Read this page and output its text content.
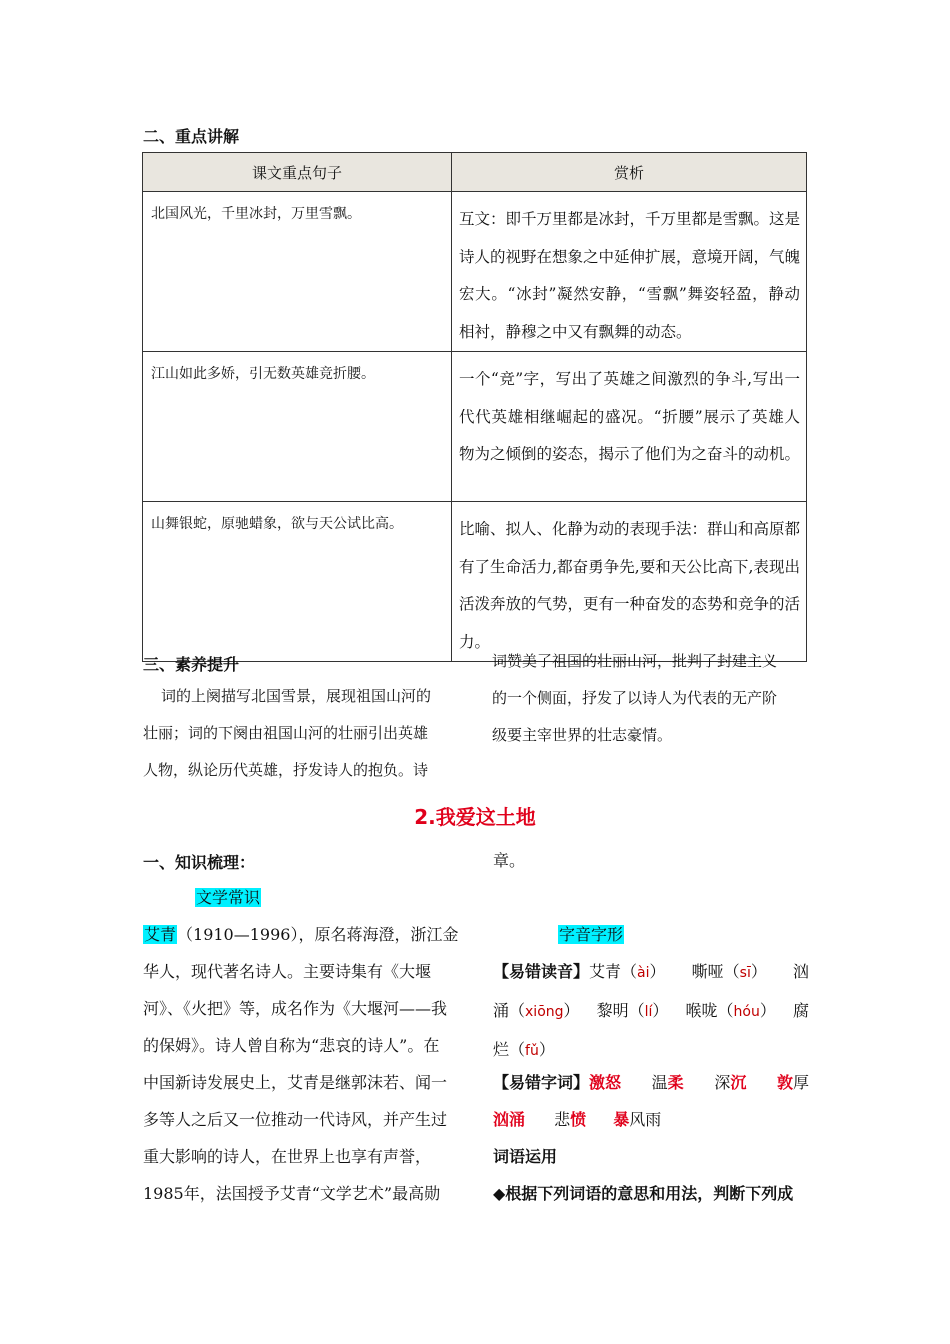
二、重点讲解
课文重点句子	赏析
北国风光，千里冰封，万里雪飘。	互文：即千万里都是冰封，千万里都是雪飘。这是诗人的视野在想象之中延伸扩展，意境开阔，气魄宏大。“冰封”凝然安静，“雪飘”舞姿轻盈，静动相衬，静穆之中又有飘舞的动态。
江山如此多娇，引无数英雄竞折腰。	一个“竞”字，写出了英雄之间激烈的争斗,写出一代代英雄相继崛起的盛况。“折腰”展示了英雄人物为之倾倒的姿态，揭示了他们为之奋斗的动机。
山舞银蛇，原驰蜡象，欲与天公试比高。	比喻、拟人、化静为动的表现手法：群山和高原都有了生命活力,都奋勇争先,要和天公比高下,表现出活泼奔放的气势，更有一种奋发的态势和竞争的活力。
三、素养提升
词的上阕描写北国雪景，展现祖国山河的
壮丽；词的下阕由祖国山河的壮丽引出英雄
人物，纵论历代英雄，抒发诗人的抱负。诗
词赞美了祖国的壮丽山河，批判了封建主义
的一个侧面，抒发了以诗人为代表的无产阶
级要主宰世界的壮志豪情。
2.我爱这土地
一、知识梳理：
文学常识
艾青（1910—1996），原名蒋海澄，浙江金
华人，现代著名诗人。主要诗集有《大堰
河》、《火把》等，成名作为《大堰河——我
的保姆》。诗人曾自称为“悲哀的诗人”。在
中国新诗发展史上，艾青是继郭沫若、闻一
多等人之后又一位推动一代诗风，并产生过
重大影响的诗人，在世界上也享有声誉，
1985年，法国授予艾青“文学艺术”最高勋
章。
字音字形
【易错读音】艾青（ài） 嘶哑（sī） 汹
涌（xiōng） 黎明（lí） 喉咙（hóu） 腐
烂（fǔ）
【易错字词】激怒 温柔 深沉 敦厚
汹涌 悲愤 暴风雨
词语运用
◆根据下列词语的意思和用法，判断下列成
